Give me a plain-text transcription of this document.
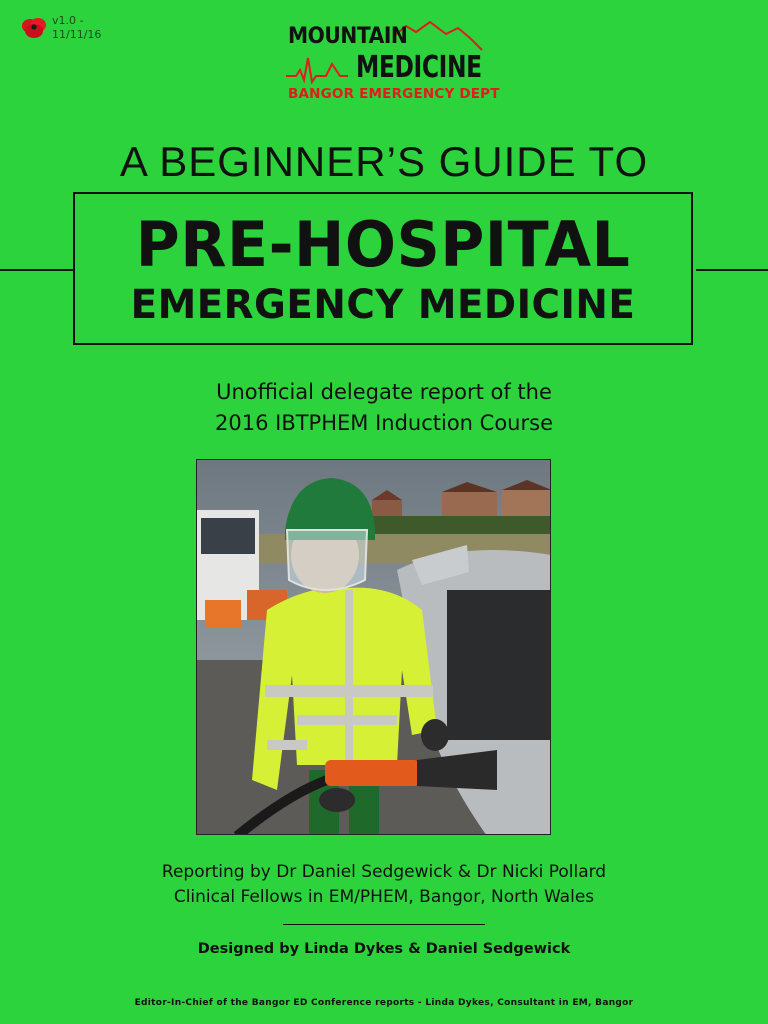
v1.0 -
11/11/16	MOUNTAIN
MEDICINE
BANGOR EMERGENCY DEPT
A BEGINNER’S GUIDE TO
PRE-HOSPITAL
EMERGENCY MEDICINE
Unofficial delegate report of the
2016 IBTPHEM Induction Course
Reporting by Dr Daniel Sedgewick & Dr Nicki Pollard
Clinical Fellows in EM/PHEM, Bangor, North Wales
Designed by Linda Dykes & Daniel Sedgewick
Editor-In-Chief of the Bangor ED Conference reports - Linda Dykes, Consultant in EM, Bangor
